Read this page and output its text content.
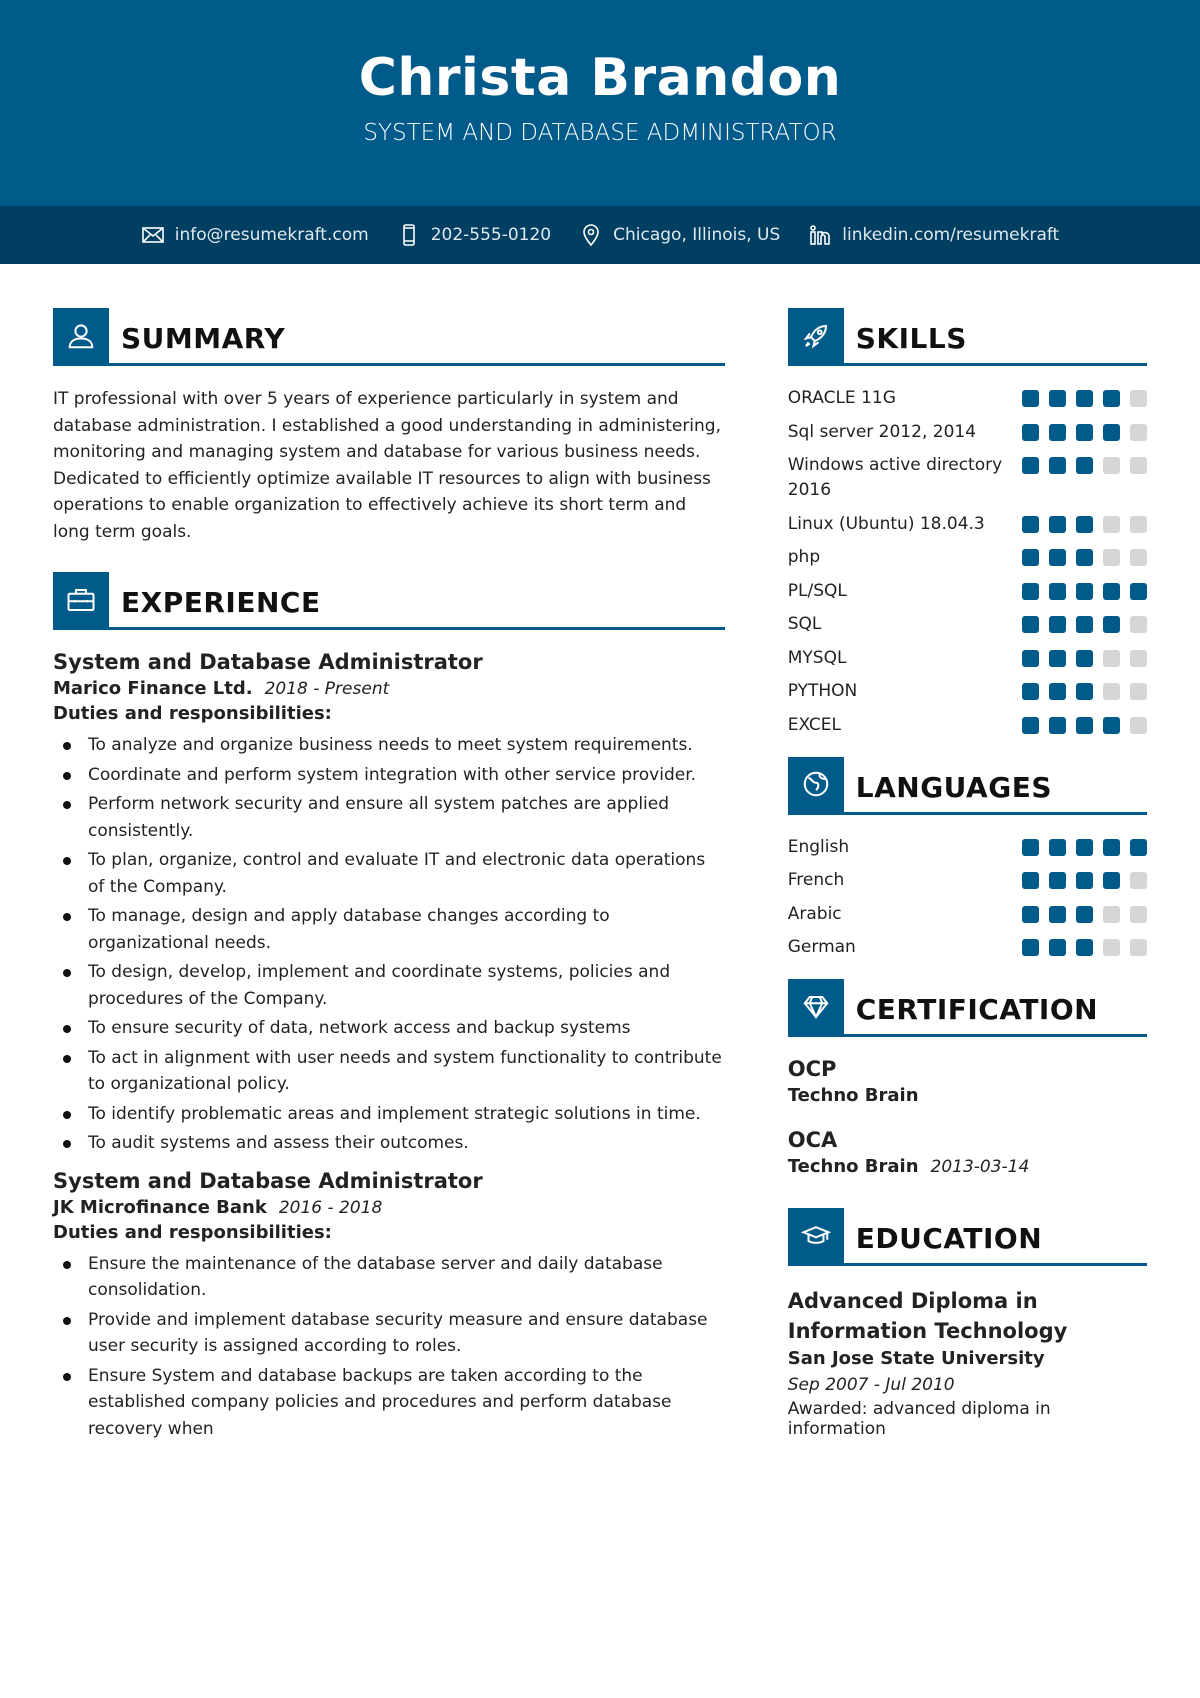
Christa Brandon
SYSTEM AND DATABASE ADMINISTRATOR
info@resumekraft.com	202-555-0120	Chicago, Illinois, US	linkedin.com/resumekraft
SUMMARY

IT professional with over 5 years of experience particularly in system and database administration. I established a good understanding in administering, monitoring and managing system and database for various business needs. Dedicated to efficiently optimize available IT resources to align with business operations to enable organization to effectively achieve its short term and long term goals.

EXPERIENCE
System and Database Administrator
Marico Finance Ltd. 2018 - Present
Duties and responsibilities:
To analyze and organize business needs to meet system requirements.
Coordinate and perform system integration with other service provider.
Perform network security and ensure all system patches are applied consistently.
To plan, organize, control and evaluate IT and electronic data operations of the Company.
To manage, design and apply database changes according to organizational needs.
To design, develop, implement and coordinate systems, policies and procedures of the Company.
To ensure security of data, network access and backup systems
To act in alignment with user needs and system functionality to contribute to organizational policy.
To identify problematic areas and implement strategic solutions in time.
To audit systems and assess their outcomes.
System and Database Administrator
JK Microfinance Bank 2016 - 2018
Duties and responsibilities:
Ensure the maintenance of the database server and daily database consolidation.
Provide and implement database security measure and ensure database user security is assigned according to roles.
Ensure System and database backups are taken according to the established company policies and procedures and perform database recovery when
SKILLS
ORACLE 11G
Sql server 2012, 2014
Windows active directory 2016
Linux (Ubuntu) 18.04.3
php
PL/SQL
SQL
MYSQL
PYTHON
EXCEL
LANGUAGES
English
French
Arabic
German
CERTIFICATION
OCP
Techno Brain
OCA
Techno Brain 2013-03-14
EDUCATION
Advanced Diploma in Information Technology
San Jose State University
Sep 2007 - Jul 2010
Awarded: advanced diploma in information
